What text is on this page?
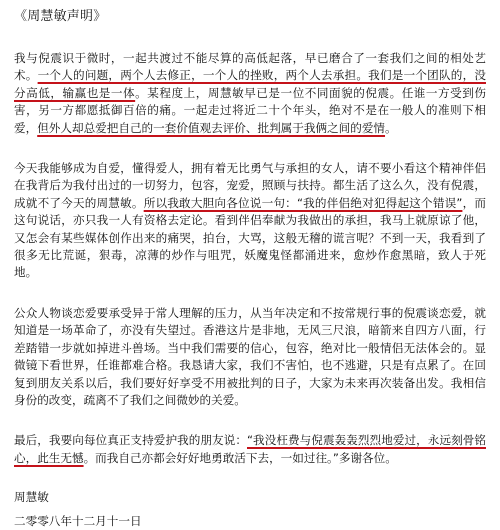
《周慧敏声明》
我与倪震识于微时，一起共渡过不能尽算的高低起落，早已磨合了一套我们之间的相处艺术。一个人的问题，两个人去修正，一个人的挫败，两个人去承担。我们是一个团队的，没分高低，输赢也是一体。某程度上，周慧敏早已是一位不同面貌的倪震。任谁一方受到伤害，另一方都愿抵御百倍的痛。一起走过将近二十个年头，绝对不是在一般人的准则下相爱，但外人却总爱把自己的一套价值观去评价、批判属于我俩之间的爱情。
今天我能够成为自爱，懂得爱人，拥有着无比勇气与承担的女人，请不要小看这个精神伴侣在我背后为我付出过的一切努力，包容，宠爱，照顾与扶持。都生活了这么久，没有倪震，成就不了今天的周慧敏。所以我敢大胆向各位说一句：“我的伴侣绝对犯得起这个错误”，而这句说话，亦只我一人有资格去定论。看到伴侣奉献为我做出的承担，我马上就原谅了他，又怎会有某些媒体创作出来的痛哭，拍台，大骂，这般无稽的谎言呢？不到一天，我看到了很多无比荒诞，狠毒，凉薄的炒作与咀咒，妖魔鬼怪都涌进来，愈炒作愈黑暗，致人于死地。
公众人物谈恋爱要承受异于常人理解的压力，从当年决定和不按常规行事的倪震谈恋爱，就知道是一场革命了，亦没有失望过。香港这片是非地，无风三尺浪，暗箭来自四方八面，行差踏错一步就如掉进斗兽场。当中我们需要的信心，包容，绝对比一般情侣无法体会的。显微镜下看世界，任谁都难合格。我恳请大家，我们不害怕，也不逃避，只是有点累了。在回复到朋友关系以后，我们要好好享受不用被批判的日子，大家为未来再次装备出发。我相信身份的改变，疏离不了我们之间微妙的关爱。
最后，我要向每位真正支持爱护我的朋友说：“我没枉费与倪震轰轰烈烈地爱过，永远刻骨铭心，此生无憾。而我自己亦都会好好地勇敢活下去，一如过往。”多谢各位。
周慧敏
二零零八年十二月十一日
